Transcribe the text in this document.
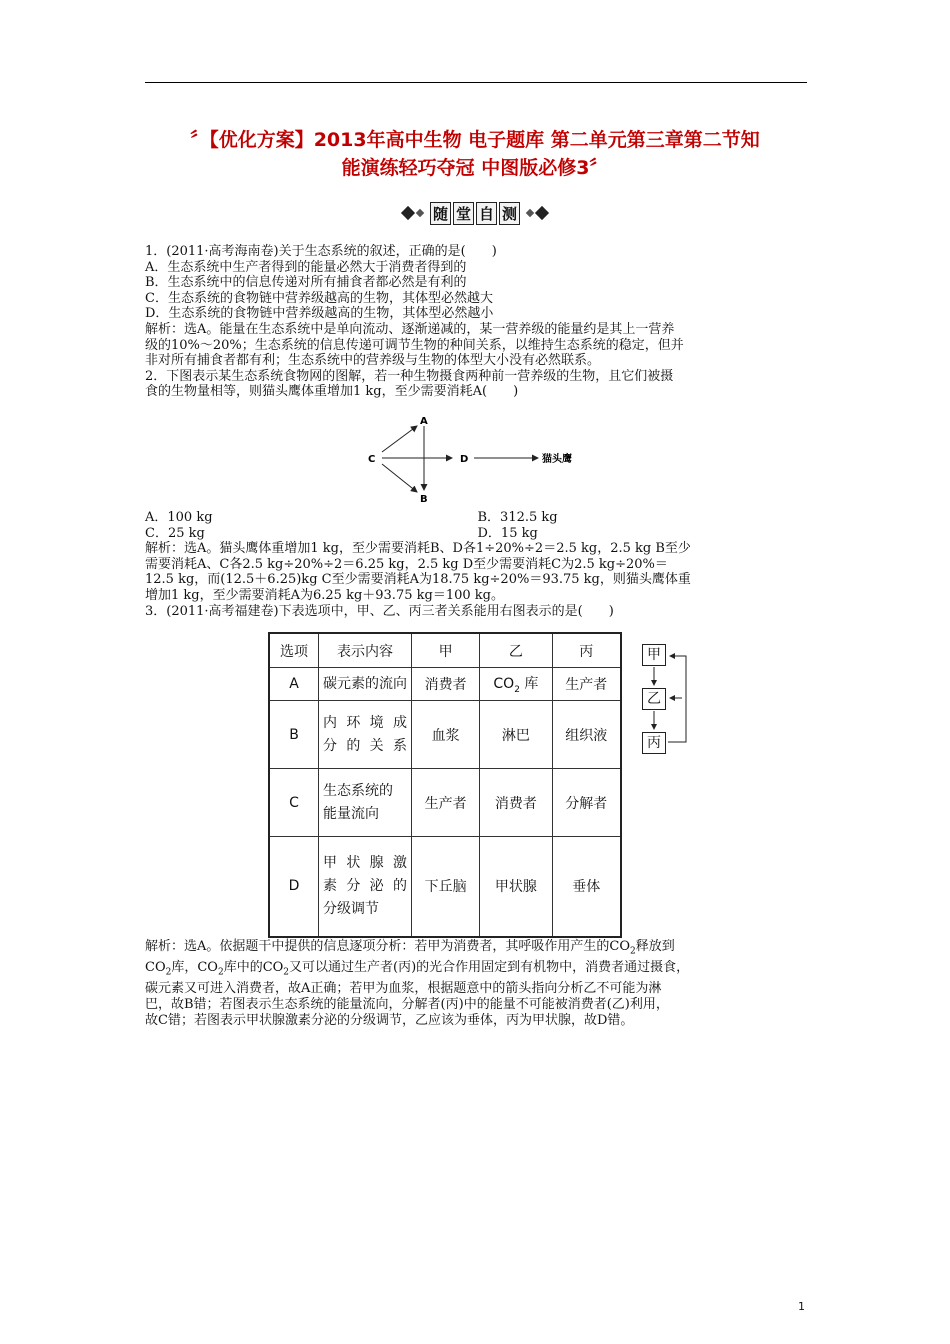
〞【优化方案】2013年高中生物 电子题库 第二单元第三章第二节知
能演练轻巧夺冠 中图版必修3〞
随 堂 自 测
1．(2011·高考海南卷)关于生态系统的叙述，正确的是(　　)
A．生态系统中生产者得到的能量必然大于消费者得到的
B．生态系统中的信息传递对所有捕食者都必然是有利的
C．生态系统的食物链中营养级越高的生物，其体型必然越大
D．生态系统的食物链中营养级越高的生物，其体型必然越小
解析：选A。能量在生态系统中是单向流动、逐渐递减的，某一营养级的能量约是其上一营养
级的10%～20%；生态系统的信息传递可调节生物的种间关系，以维持生态系统的稳定，但并
非对所有捕食者都有利；生态系统中的营养级与生物的体型大小没有必然联系。
2．下图表示某生态系统食物网的图解，若一种生物摄食两种前一营养级的生物，且它们被摄
食的生物量相等，则猫头鹰体重增加1 kg，至少需要消耗A(　　)
A
B
C	D	猫头鹰
A．100 kg	B．312.5 kg
C．25 kg	D．15 kg
解析：选A。猫头鹰体重增加1 kg，至少需要消耗B、D各1÷20%÷2＝2.5 kg，2.5 kg B至少
需要消耗A、C各2.5 kg÷20%÷2＝6.25 kg，2.5 kg D至少需要消耗C为2.5 kg÷20%＝
12.5 kg，而(12.5＋6.25)kg C至少需要消耗A为18.75 kg÷20%＝93.75 kg，则猫头鹰体重
增加1 kg，至少需要消耗A为6.25 kg＋93.75 kg＝100 kg。
3．(2011·高考福建卷)下表选项中，甲、乙、丙三者关系能用右图表示的是(　　)
选项	表示内容	甲	乙	丙
A	碳元素的流向	消费者	$CO_2$ 库	生产者
B	内环境成
分的关系	血浆	淋巴	组织液
C	生态系统的
能量流向	生产者	消费者	分解者
D	甲状腺激
素分泌的
分级调节	下丘脑	甲状腺	垂体
甲
乙
丙
解析：选A。依据题干中提供的信息逐项分析：若甲为消费者，其呼吸作用产生的$CO_2$释放到
$CO_2$库，$CO_2$库中的$CO_2$又可以通过生产者(丙)的光合作用固定到有机物中，消费者通过摄食，
碳元素又可进入消费者，故A正确；若甲为血浆，根据题意中的箭头指向分析乙不可能为淋
巴，故B错；若图表示生态系统的能量流向，分解者(丙)中的能量不可能被消费者(乙)利用，
故C错；若图表示甲状腺激素分泌的分级调节，乙应该为垂体，丙为甲状腺，故D错。
1
